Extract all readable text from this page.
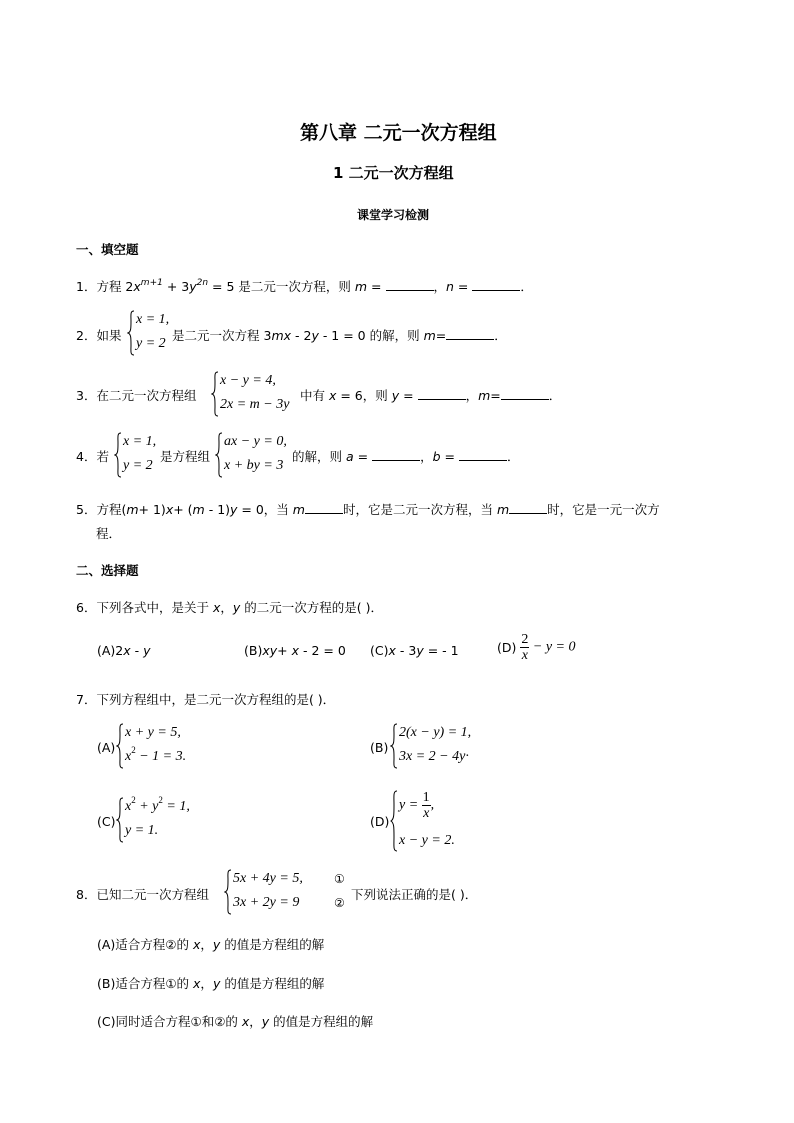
第八章 二元一次方程组
1 二元一次方程组
课堂学习检测
一、填空题
1．方程 $2x^{m+1} + 3y^{2n} = 5$ 是二元一次方程，则 m =	，n =	．
2．如果
x = 1,
y = 2
是二元一次方程 3mx - 2y - 1 = 0 的解，则 m=	．
3．在二元一次方程组
x − y = 4,
2x = m − 3y
中有 x = 6，则 y =	，m=	．
4．若
x = 1,
y = 2
是方程组
ax − y = 0,
x + by = 3
的解，则 a =	，b =	．
5．方程(m+ 1)x+ (m - 1)y = 0，当 m	时，它是二元一次方程，当 m	时，它是一元一次方
程．
二、选择题
6．下列各式中，是关于 x，y 的二元一次方程的是( )．
(A)2x - y	(B)xy+ x - 2 = 0 (C)x - 3y = ‑ 1	$(D) \frac{2}{x} - y = 0$
7．下列方程组中，是二元一次方程组的是( )．
(A)
x + y = 5,
$x^2 - 1 = 3$.
(B)
2(x − y) = 1,
3x = 2 − 4y·
(C)
$x^2 + y^2 = 1$,
y = 1.
(D)
$y = \frac{1}{x}$ ,
x − y = 2.
8．已知二元一次方程组
5x + 4y = 5,
3x + 2y = 9
①
②
下列说法正确的是( )．
(A)适合方程②的 x，y 的值是方程组的解
(B)适合方程①的 x，y 的值是方程组的解
(C)同时适合方程①和②的 x，y 的值是方程组的解
